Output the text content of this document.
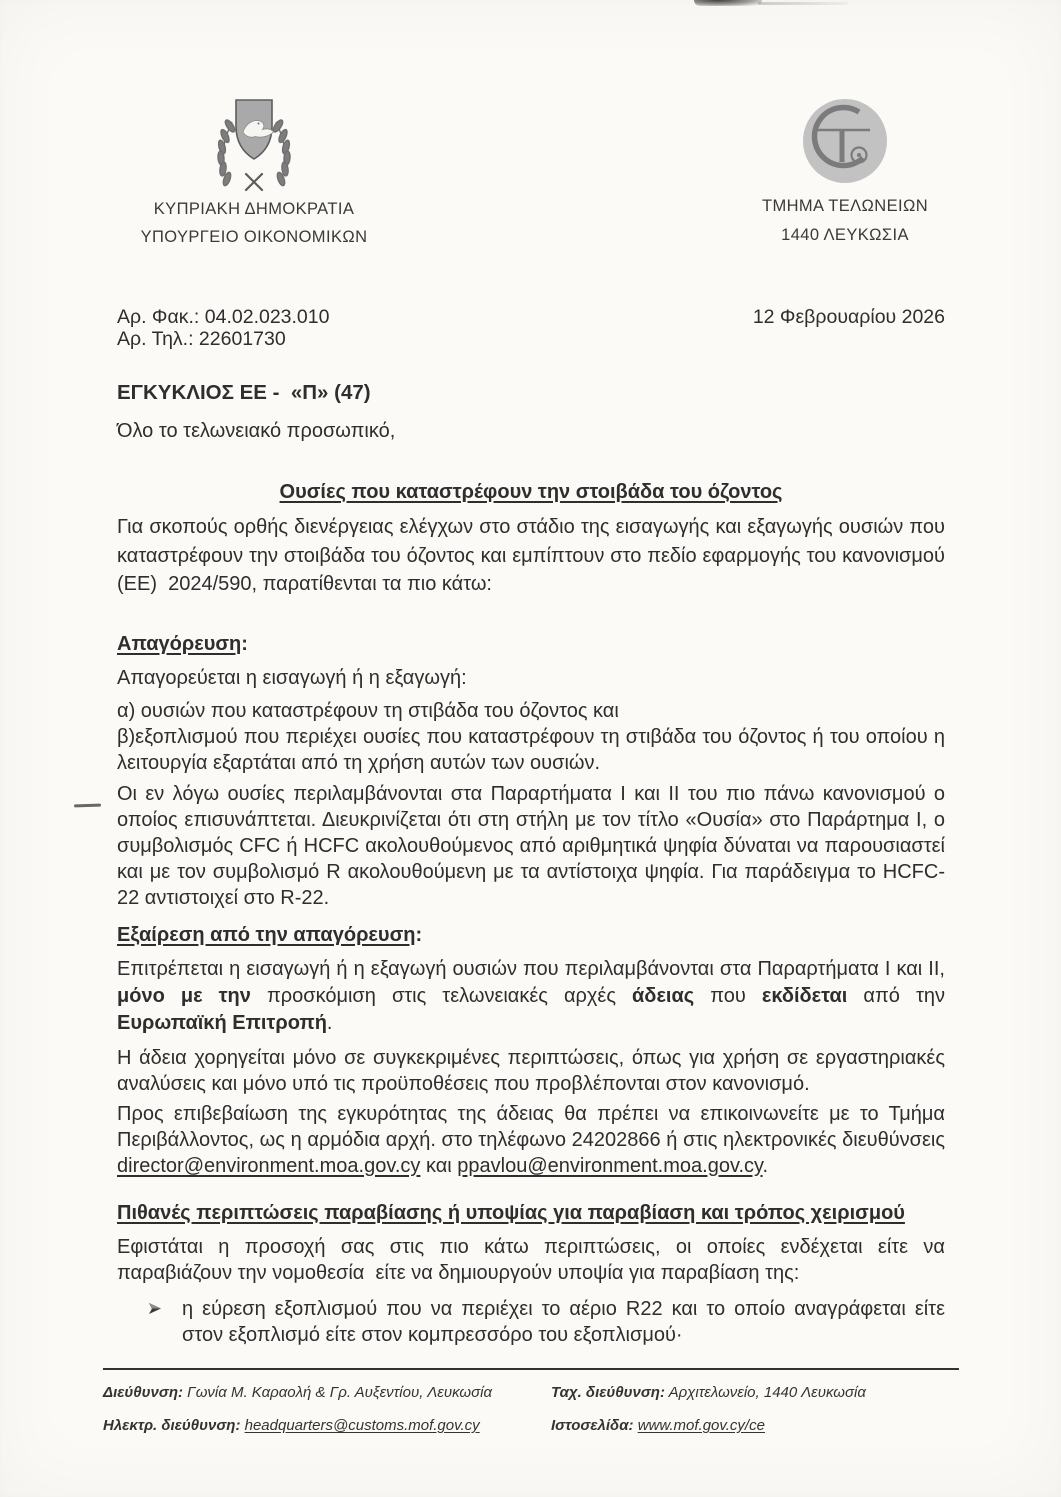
ΚΥΠΡΙΑΚΗ ΔΗΜΟΚΡΑΤΙΑ
ΥΠΟΥΡΓΕΙΟ ΟΙΚΟΝΟΜΙΚΩΝ
ΤΜΗΜΑ ΤΕΛΩΝΕΙΩΝ
1440 ΛΕΥΚΩΣΙΑ
Αρ. Φακ.: 04.02.023.010
Αρ. Τηλ.: 22601730
12 Φεβρουαρίου 2026
ΕΓΚΥΚΛΙΟΣ ΕΕ -  «Π» (47)
Όλο το τελωνειακό προσωπικό,
Ουσίες που καταστρέφουν την στοιβάδα του όζοντος
Για σκοπούς ορθής διενέργειας ελέγχων στο στάδιο της εισαγωγής και εξαγωγής ουσιών που καταστρέφουν την στοιβάδα του όζοντος και εμπίπτουν στο πεδίο εφαρμογής του κανονισμού (ΕΕ)  2024/590, παρατίθενται τα πιο κάτω:
Απαγόρευση:
Απαγορεύεται η εισαγωγή ή η εξαγωγή:
α) ουσιών που καταστρέφουν τη στιβάδα του όζοντος και
β)εξοπλισμού που περιέχει ουσίες που καταστρέφουν τη στιβάδα του όζοντος ή του οποίου η λειτουργία εξαρτάται από τη χρήση αυτών των ουσιών.
Οι εν λόγω ουσίες περιλαμβάνονται στα Παραρτήματα Ι και ΙΙ του πιο πάνω κανονισμού ο οποίος επισυνάπτεται. Διευκρινίζεται ότι στη στήλη με τον τίτλο «Ουσία» στο Παράρτημα Ι, ο συμβολισμός CFC ή HCFC ακολουθούμενος από αριθμητικά ψηφία δύναται να παρουσιαστεί και με τον συμβολισμό R ακολουθούμενη με τα αντίστοιχα ψηφία. Για παράδειγμα το HCFC-22 αντιστοιχεί στο R-22.
Εξαίρεση από την απαγόρευση:
Επιτρέπεται η εισαγωγή ή η εξαγωγή ουσιών που περιλαμβάνονται στα Παραρτήματα Ι και ΙΙ, μόνο με την προσκόμιση στις τελωνειακές αρχές άδειας που εκδίδεται από την  Ευρωπαϊκή Επιτροπή.
Η άδεια χορηγείται μόνο σε συγκεκριμένες περιπτώσεις, όπως για χρήση σε εργαστηριακές αναλύσεις και μόνο υπό τις προϋποθέσεις που προβλέπονται στον κανονισμό.
Προς επιβεβαίωση της εγκυρότητας της άδειας θα πρέπει να επικοινωνείτε με το Τμήμα Περιβάλλοντος, ως η αρμόδια αρχή. στο τηλέφωνο 24202866 ή στις ηλεκτρονικές διευθύνσεις director@environment.moa.gov.cy και ppavlou@environment.moa.gov.cy.
Πιθανές περιπτώσεις παραβίασης ή υποψίας για παραβίαση και τρόπος χειρισμού
Εφιστάται η προσοχή σας στις πιο κάτω περιπτώσεις, οι οποίες ενδέχεται είτε να παραβιάζουν την νομοθεσία  είτε να δημιουργούν υποψία για παραβίαση της:
η εύρεση εξοπλισμού που να περιέχει το αέριο R22 και το οποίο αναγράφεται είτε στον εξοπλισμό είτε στον κομπρεσσόρο του εξοπλισμού·
Διεύθυνση: Γωνία Μ. Καραολή & Γρ. Αυξεντίου, Λευκωσία	Ταχ. διεύθυνση: Αρχιτελωνείο, 1440 Λευκωσία
Ηλεκτρ. διεύθυνση: headquarters@customs.mof.gov.cy	Ιστοσελίδα: www.mof.gov.cy/ce
